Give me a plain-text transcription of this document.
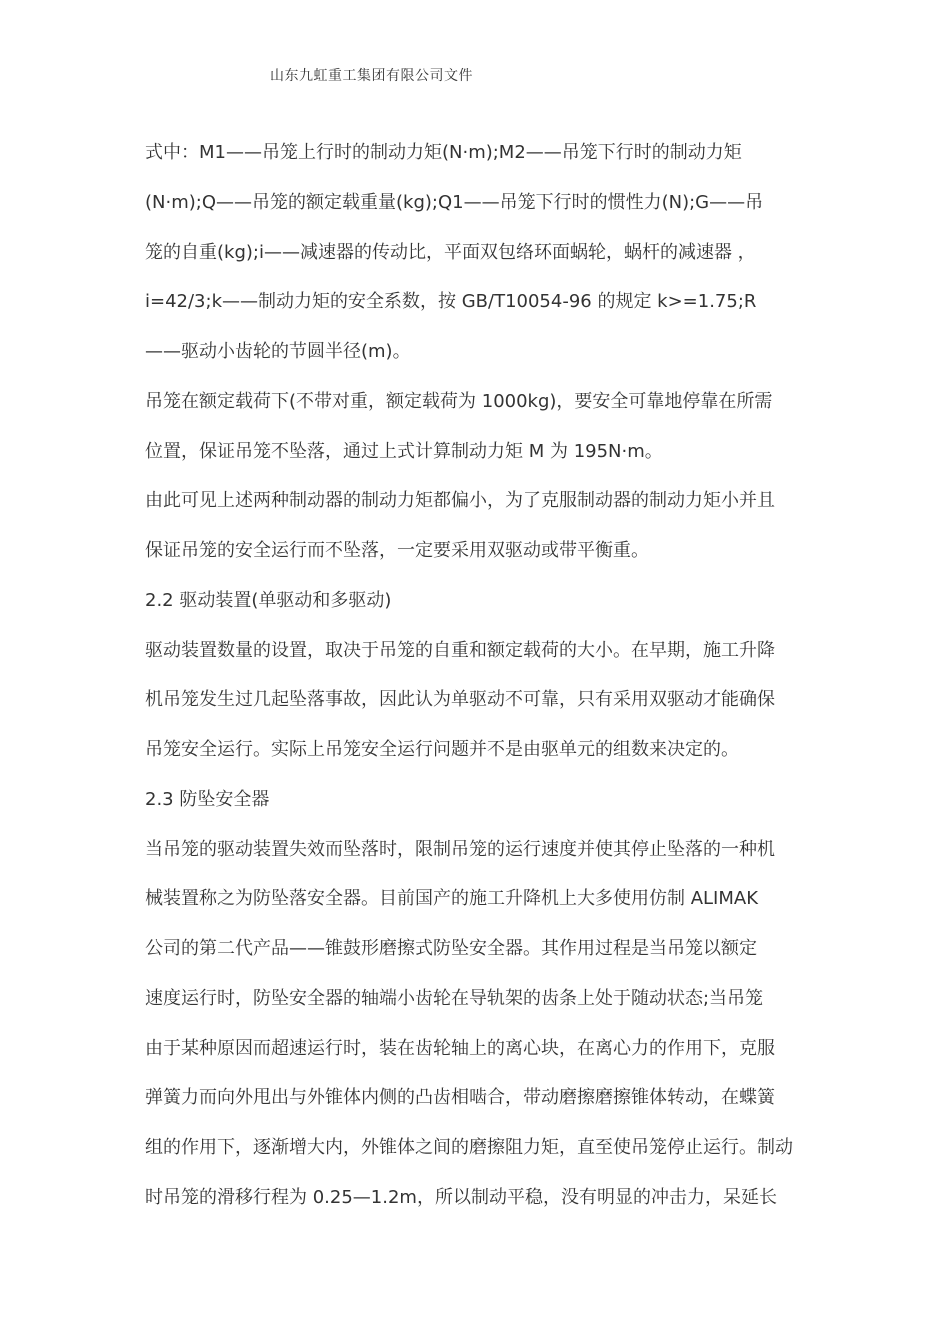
山东九虹重工集团有限公司文件
式中：M1——吊笼上行时的制动力矩(N·m);M2——吊笼下行时的制动力矩
(N·m);Q——吊笼的额定载重量(kg);Q1——吊笼下行时的惯性力(N);G——吊
笼的自重(kg);i——减速器的传动比，平面双包络环面蜗轮，蜗杆的减速器 ，
i=42/3;k——制动力矩的安全系数，按 GB/T10054-96 的规定 k>=1.75;R
——驱动小齿轮的节圆半径(m)。
吊笼在额定载荷下(不带对重，额定载荷为 1000kg)，要安全可靠地停靠在所需
位置，保证吊笼不坠落，通过上式计算制动力矩 M 为 195N·m。
由此可见上述两种制动器的制动力矩都偏小，为了克服制动器的制动力矩小并且
保证吊笼的安全运行而不坠落，一定要采用双驱动或带平衡重。
2.2 驱动装置(单驱动和多驱动)
驱动装置数量的设置，取决于吊笼的自重和额定载荷的大小。在早期，施工升降
机吊笼发生过几起坠落事故，因此认为单驱动不可靠，只有采用双驱动才能确保
吊笼安全运行。实际上吊笼安全运行问题并不是由驱单元的组数来决定的。
2.3 防坠安全器
当吊笼的驱动装置失效而坠落时，限制吊笼的运行速度并使其停止坠落的一种机
械装置称之为防坠落安全器。目前国产的施工升降机上大多使用仿制 ALIMAK
公司的第二代产品——锥鼓形磨擦式防坠安全器。其作用过程是当吊笼以额定
速度运行时，防坠安全器的轴端小齿轮在导轨架的齿条上处于随动状态;当吊笼
由于某种原因而超速运行时，装在齿轮轴上的离心块，在离心力的作用下，克服
弹簧力而向外甩出与外锥体内侧的凸齿相啮合，带动磨擦磨擦锥体转动，在蝶簧
组的作用下，逐渐增大内，外锥体之间的磨擦阻力矩，直至使吊笼停止运行。制动
时吊笼的滑移行程为 0.25—1.2m，所以制动平稳，没有明显的冲击力，呆延长
